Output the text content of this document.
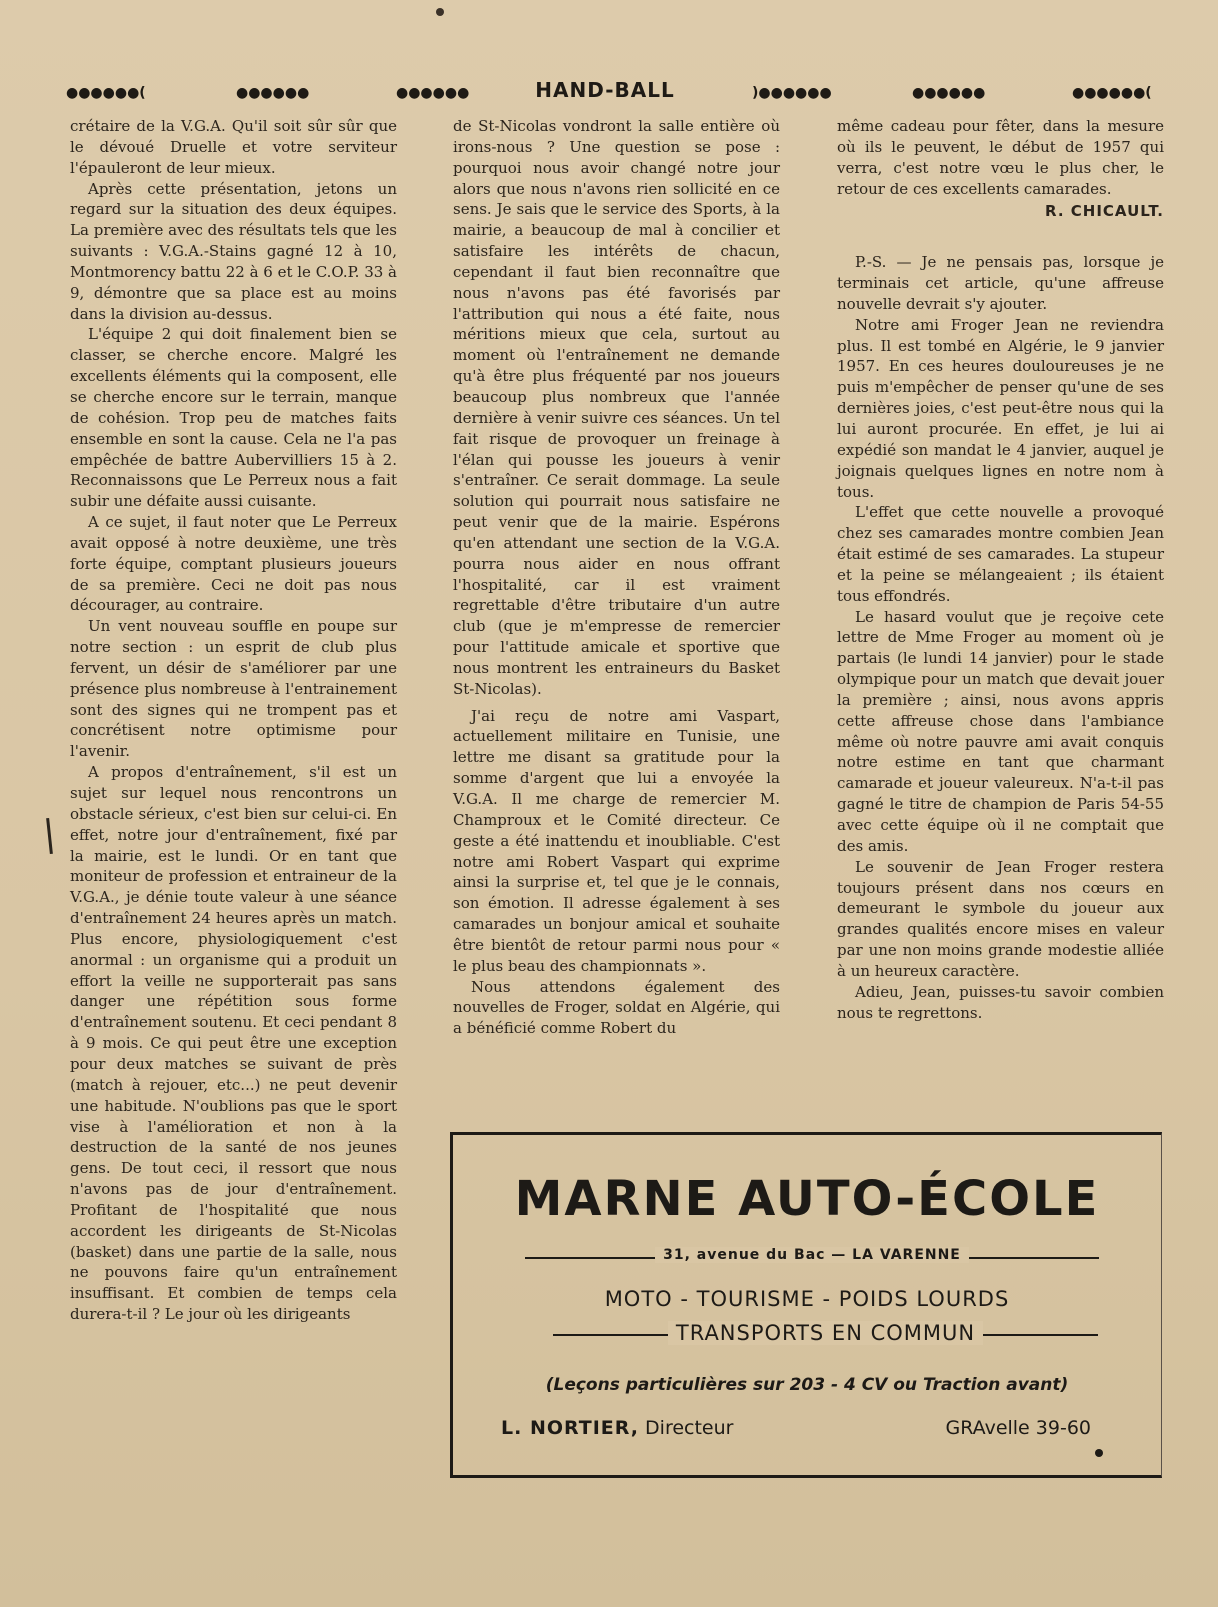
●●●●●●(	●●●●●●	●●●●●●	HAND-BALL	)●●●●●●	●●●●●●	●●●●●●(

crétaire de la V.G.A. Qu'il soit sûr sûr que le dévoué Druelle et votre serviteur l'épauleront de leur mieux.

Après cette présentation, jetons un regard sur la situation des deux équipes. La première avec des résultats tels que les suivants : V.G.A.-Stains gagné 12 à 10, Montmorency battu 22 à 6 et le C.O.P. 33 à 9, démontre que sa place est au moins dans la division au-dessus.

L'équipe 2 qui doit finalement bien se classer, se cherche encore. Malgré les excellents éléments qui la composent, elle se cherche encore sur le terrain, manque de cohésion. Trop peu de matches faits ensemble en sont la cause. Cela ne l'a pas empêchée de battre Aubervilliers 15 à 2. Reconnaissons que Le Perreux nous a fait subir une défaite aussi cuisante.

A ce sujet, il faut noter que Le Perreux avait opposé à notre deuxième, une très forte équipe, comptant plusieurs joueurs de sa première. Ceci ne doit pas nous décourager, au contraire.

Un vent nouveau souffle en poupe sur notre section : un esprit de club plus fervent, un désir de s'améliorer par une présence plus nombreuse à l'entrainement sont des signes qui ne trompent pas et concrétisent notre optimisme pour l'avenir.

A propos d'entraînement, s'il est un sujet sur lequel nous rencontrons un obstacle sérieux, c'est bien sur celui-ci. En effet, notre jour d'entraînement, fixé par la mairie, est le lundi. Or en tant que moniteur de profession et entraineur de la V.G.A., je dénie toute valeur à une séance d'entraînement 24 heures après un match. Plus encore, physiologiquement c'est anormal : un organisme qui a produit un effort la veille ne supporterait pas sans danger une répétition sous forme d'entraînement soutenu. Et ceci pendant 8 à 9 mois. Ce qui peut être une exception pour deux matches se suivant de près (match à rejouer, etc...) ne peut devenir une habitude. N'oublions pas que le sport vise à l'amélioration et non à la destruction de la santé de nos jeunes gens. De tout ceci, il ressort que nous n'avons pas de jour d'entraînement. Profitant de l'hospitalité que nous accordent les dirigeants de St-Nicolas (basket) dans une partie de la salle, nous ne pouvons faire qu'un entraînement insuffisant. Et combien de temps cela durera-t-il ? Le jour où les dirigeants

de St-Nicolas vondront la salle entière où irons-nous ? Une question se pose : pourquoi nous avoir changé notre jour alors que nous n'avons rien sollicité en ce sens. Je sais que le service des Sports, à la mairie, a beaucoup de mal à concilier et satisfaire les intérêts de chacun, cependant il faut bien reconnaître que nous n'avons pas été favorisés par l'attribution qui nous a été faite, nous méritions mieux que cela, surtout au moment où l'entraînement ne demande qu'à être plus fréquenté par nos joueurs beaucoup plus nombreux que l'année dernière à venir suivre ces séances. Un tel fait risque de provoquer un freinage à l'élan qui pousse les joueurs à venir s'entraîner. Ce serait dommage. La seule solution qui pourrait nous satisfaire ne peut venir que de la mairie. Espérons qu'en attendant une section de la V.G.A. pourra nous aider en nous offrant l'hospitalité, car il est vraiment regrettable d'être tributaire d'un autre club (que je m'empresse de remercier pour l'attitude amicale et sportive que nous montrent les entraineurs du Basket St-Nicolas).

J'ai reçu de notre ami Vaspart, actuellement militaire en Tunisie, une lettre me disant sa gratitude pour la somme d'argent que lui a envoyée la V.G.A. Il me charge de remercier M. Champroux et le Comité directeur. Ce geste a été inattendu et inoubliable. C'est notre ami Robert Vaspart qui exprime ainsi la surprise et, tel que je le connais, son émotion. Il adresse également à ses camarades un bonjour amical et souhaite être bientôt de retour parmi nous pour « le plus beau des championnats ».

Nous attendons également des nouvelles de Froger, soldat en Algérie, qui a bénéficié comme Robert du

même cadeau pour fêter, dans la mesure où ils le peuvent, le début de 1957 qui verra, c'est notre vœu le plus cher, le retour de ces excellents camarades.

R. CHICAULT.

P.-S. — Je ne pensais pas, lorsque je terminais cet article, qu'une affreuse nouvelle devrait s'y ajouter.

Notre ami Froger Jean ne reviendra plus. Il est tombé en Algérie, le 9 janvier 1957. En ces heures douloureuses je ne puis m'empêcher de penser qu'une de ses dernières joies, c'est peut-être nous qui la lui auront procurée. En effet, je lui ai expédié son mandat le 4 janvier, auquel je joignais quelques lignes en notre nom à tous.

L'effet que cette nouvelle a provoqué chez ses camarades montre combien Jean était estimé de ses camarades. La stupeur et la peine se mélangeaient ; ils étaient tous effondrés.

Le hasard voulut que je reçoive cete lettre de Mme Froger au moment où je partais (le lundi 14 janvier) pour le stade olympique pour un match que devait jouer la première ; ainsi, nous avons appris cette affreuse chose dans l'ambiance même où notre pauvre ami avait conquis notre estime en tant que charmant camarade et joueur valeureux. N'a-t-il pas gagné le titre de champion de Paris 54-55 avec cette équipe où il ne comptait que des amis.

Le souvenir de Jean Froger restera toujours présent dans nos cœurs en demeurant le symbole du joueur aux grandes qualités encore mises en valeur par une non moins grande modestie alliée à un heureux caractère.

Adieu, Jean, puisses-tu savoir combien nous te regrettons.

MARNE AUTO-ÉCOLE
31, avenue du Bac — LA VARENNE
MOTO - TOURISME - POIDS LOURDS
TRANSPORTS EN COMMUN
(Leçons particulières sur 203 - 4 CV ou Traction avant)
L. NORTIER, Directeur	GRAvelle 39-60
